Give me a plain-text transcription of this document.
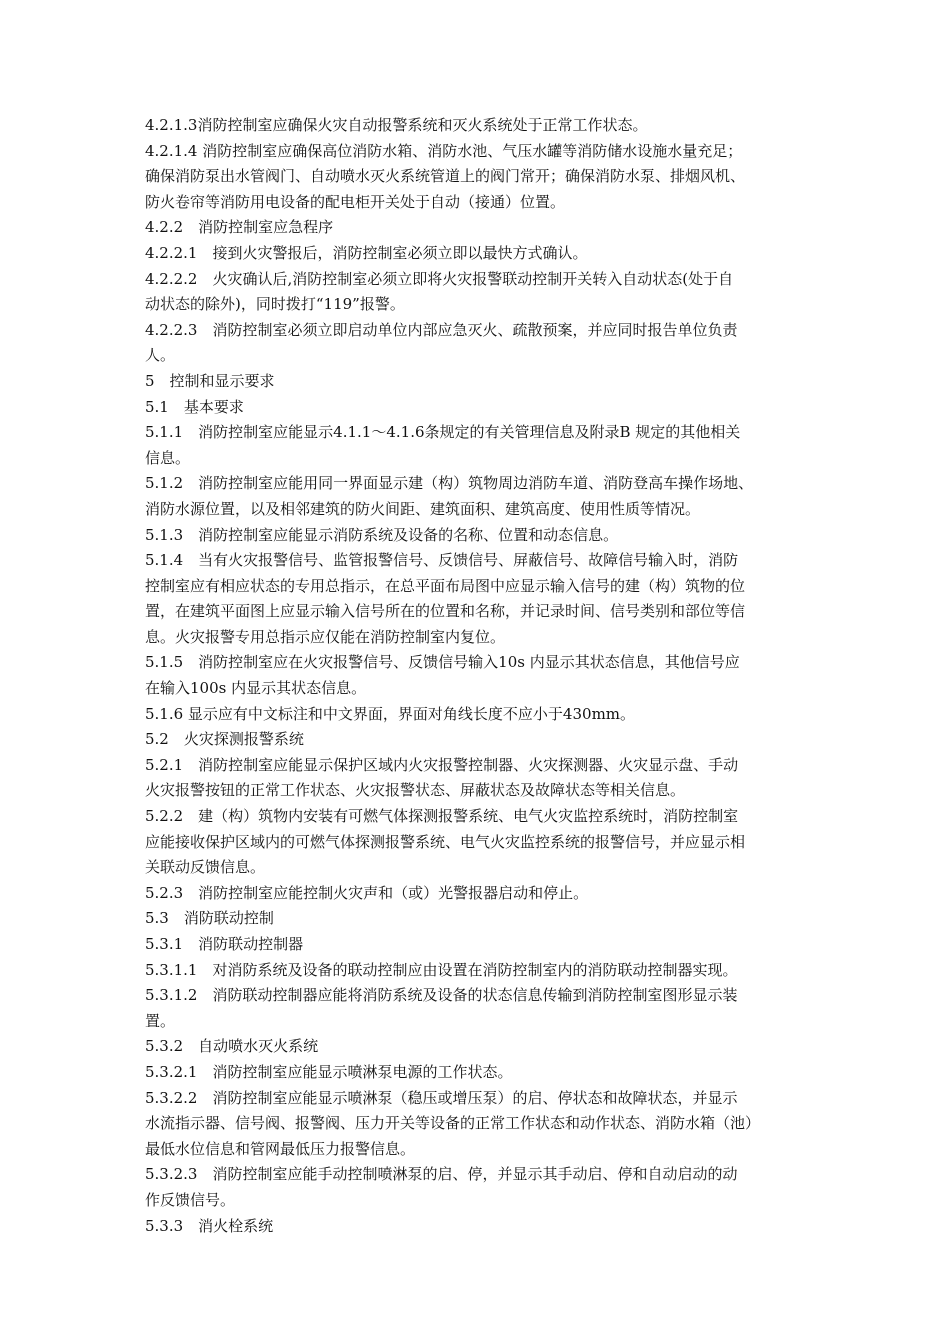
4.2.1.3消防控制室应确保火灾自动报警系统和灭火系统处于正常工作状态。
4.2.1.4 消防控制室应确保高位消防水箱、消防水池、气压水罐等消防储水设施水量充足；
确保消防泵出水管阀门、自动喷水灭火系统管道上的阀门常开；确保消防水泵、排烟风机、
防火卷帘等消防用电设备的配电柜开关处于自动（接通）位置。
4.2.2　消防控制室应急程序
4.2.2.1　接到火灾警报后，消防控制室必须立即以最快方式确认。
4.2.2.2　火灾确认后,消防控制室必须立即将火灾报警联动控制开关转入自动状态(处于自
动状态的除外)，同时拨打“119”报警。
4.2.2.3　消防控制室必须立即启动单位内部应急灭火、疏散预案，并应同时报告单位负责
人。
5　控制和显示要求
5.1　基本要求
5.1.1　消防控制室应能显示4.1.1～4.1.6条规定的有关管理信息及附录B 规定的其他相关
信息。
5.1.2　消防控制室应能用同一界面显示建（构）筑物周边消防车道、消防登高车操作场地、
消防水源位置，以及相邻建筑的防火间距、建筑面积、建筑高度、使用性质等情况。
5.1.3　消防控制室应能显示消防系统及设备的名称、位置和动态信息。
5.1.4　当有火灾报警信号、监管报警信号、反馈信号、屏蔽信号、故障信号输入时，消防
控制室应有相应状态的专用总指示，在总平面布局图中应显示输入信号的建（构）筑物的位
置，在建筑平面图上应显示输入信号所在的位置和名称，并记录时间、信号类别和部位等信
息。火灾报警专用总指示应仅能在消防控制室内复位。
5.1.5　消防控制室应在火灾报警信号、反馈信号输入10s 内显示其状态信息，其他信号应
在输入100s 内显示其状态信息。
5.1.6 显示应有中文标注和中文界面，界面对角线长度不应小于430mm。
5.2　火灾探测报警系统
5.2.1　消防控制室应能显示保护区域内火灾报警控制器、火灾探测器、火灾显示盘、手动
火灾报警按钮的正常工作状态、火灾报警状态、屏蔽状态及故障状态等相关信息。
5.2.2　建（构）筑物内安装有可燃气体探测报警系统、电气火灾监控系统时，消防控制室
应能接收保护区域内的可燃气体探测报警系统、电气火灾监控系统的报警信号，并应显示相
关联动反馈信息。
5.2.3　消防控制室应能控制火灾声和（或）光警报器启动和停止。
5.3　消防联动控制
5.3.1　消防联动控制器
5.3.1.1　对消防系统及设备的联动控制应由设置在消防控制室内的消防联动控制器实现。
5.3.1.2　消防联动控制器应能将消防系统及设备的状态信息传输到消防控制室图形显示装
置。
5.3.2　自动喷水灭火系统
5.3.2.1　消防控制室应能显示喷淋泵电源的工作状态。
5.3.2.2　消防控制室应能显示喷淋泵（稳压或增压泵）的启、停状态和故障状态，并显示
水流指示器、信号阀、报警阀、压力开关等设备的正常工作状态和动作状态、消防水箱（池）
最低水位信息和管网最低压力报警信息。
5.3.2.3　消防控制室应能手动控制喷淋泵的启、停，并显示其手动启、停和自动启动的动
作反馈信号。
5.3.3　消火栓系统
